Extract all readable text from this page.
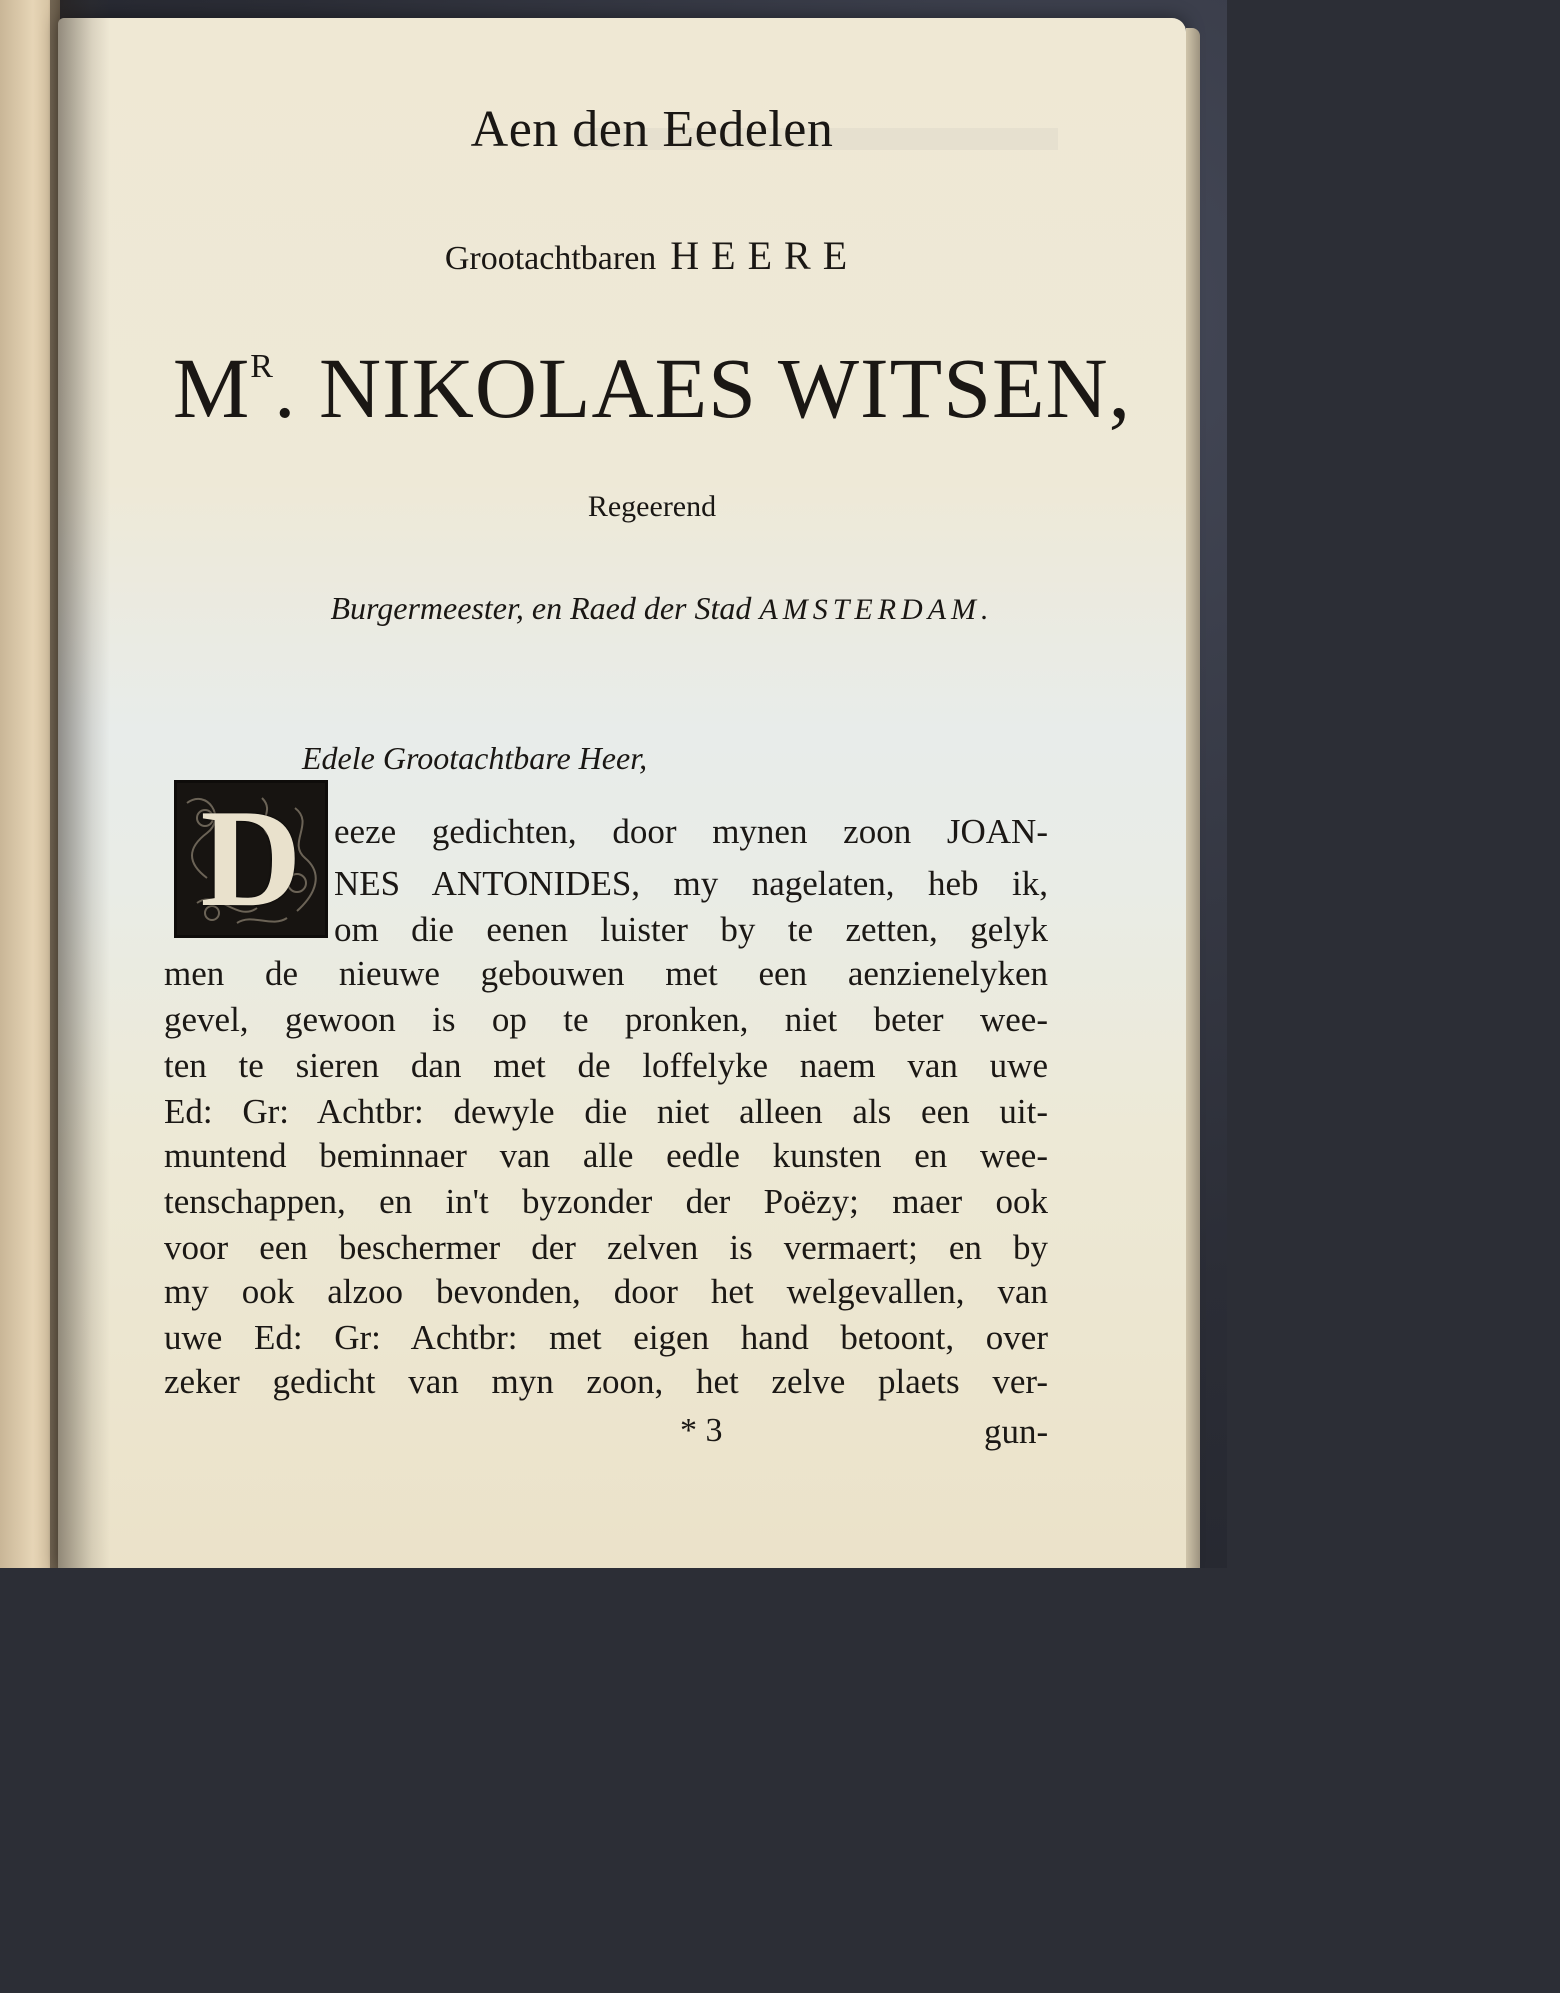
Aen den Eedelen
Grootachtbaren HEERE
$M^R$. NIKOLAES WITSEN,
Regeerend
Burgermeester, en Raed der Stad AMSTERDAM.
Edele Grootachtbare Heer,
D eeze gedichten, door mynen zoon JOAN-
NES ANTONIDES, my nagelaten, heb ik,
om die eenen luister by te zetten, gelyk
men de nieuwe gebouwen met een aenzienelyken
gevel, gewoon is op te pronken, niet beter wee-
ten te sieren dan met de loffelyke naem van uwe
Ed: Gr: Achtbr: dewyle die niet alleen als een uit-
muntend beminnaer van alle eedle kunsten en wee-
tenschappen, en in't byzonder der Poëzy; maer ook
voor een beschermer der zelven is vermaert; en by
my ook alzoo bevonden, door het welgevallen, van
uwe Ed: Gr: Achtbr: met eigen hand betoont, over
zeker gedicht van myn zoon, het zelve plaets ver-
* 3	gun-
